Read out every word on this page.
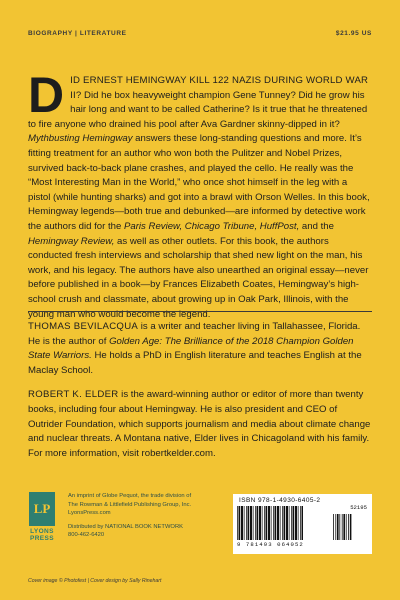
BIOGRAPHY | LITERATURE	$21.95 US
DID ERNEST HEMINGWAY KILL 122 NAZIS DURING WORLD WAR II? Did he box heavyweight champion Gene Tunney? Did he grow his hair long and want to be called Catherine? Is it true that he threatened to fire anyone who drained his pool after Ava Gardner skinny-dipped in it? Mythbusting Hemingway answers these long-standing questions and more. It’s fitting treatment for an author who won both the Pulitzer and Nobel Prizes, survived back-to-back plane crashes, and played the cello. He really was the “Most Interesting Man in the World,” who once shot himself in the leg with a pistol (while hunting sharks) and got into a brawl with Orson Welles. In this book, Hemingway legends—both true and debunked—are informed by detective work the authors did for the Paris Review, Chicago Tribune, HuffPost, and the Hemingway Review, as well as other outlets. For this book, the authors conducted fresh interviews and scholarship that shed new light on the man, his work, and his legacy. The authors have also unearthed an original essay—never before published in a book—by Frances Elizabeth Coates, Hemingway’s high-school crush and classmate, about growing up in Oak Park, Illinois, with the young man who would become the legend.

THOMAS BEVILACQUA is a writer and teacher living in Tallahassee, Florida. He is the author of Golden Age: The Brilliance of the 2018 Champion Golden State Warriors. He holds a PhD in English literature and teaches English at the Maclay School.

ROBERT K. ELDER is the award-winning author or editor of more than twenty books, including four about Hemingway. He is also president and CEO of Outrider Foundation, which supports journalism and media about climate change and nuclear threats. A Montana native, Elder lives in Chicagoland with his family. For more information, visit robertkelder.com.

LP
LYONS
PRESS
An imprint of Globe Pequot, the trade division of
The Rowman & Littlefield Publishing Group, Inc.
LyonsPress.com
Distributed by NATIONAL BOOK NETWORK
800-462-6420
ISBN 978-1-4930-6405-2
52195
9 781493 064052
Cover image © Photofest | Cover design by Sally Rinehart
